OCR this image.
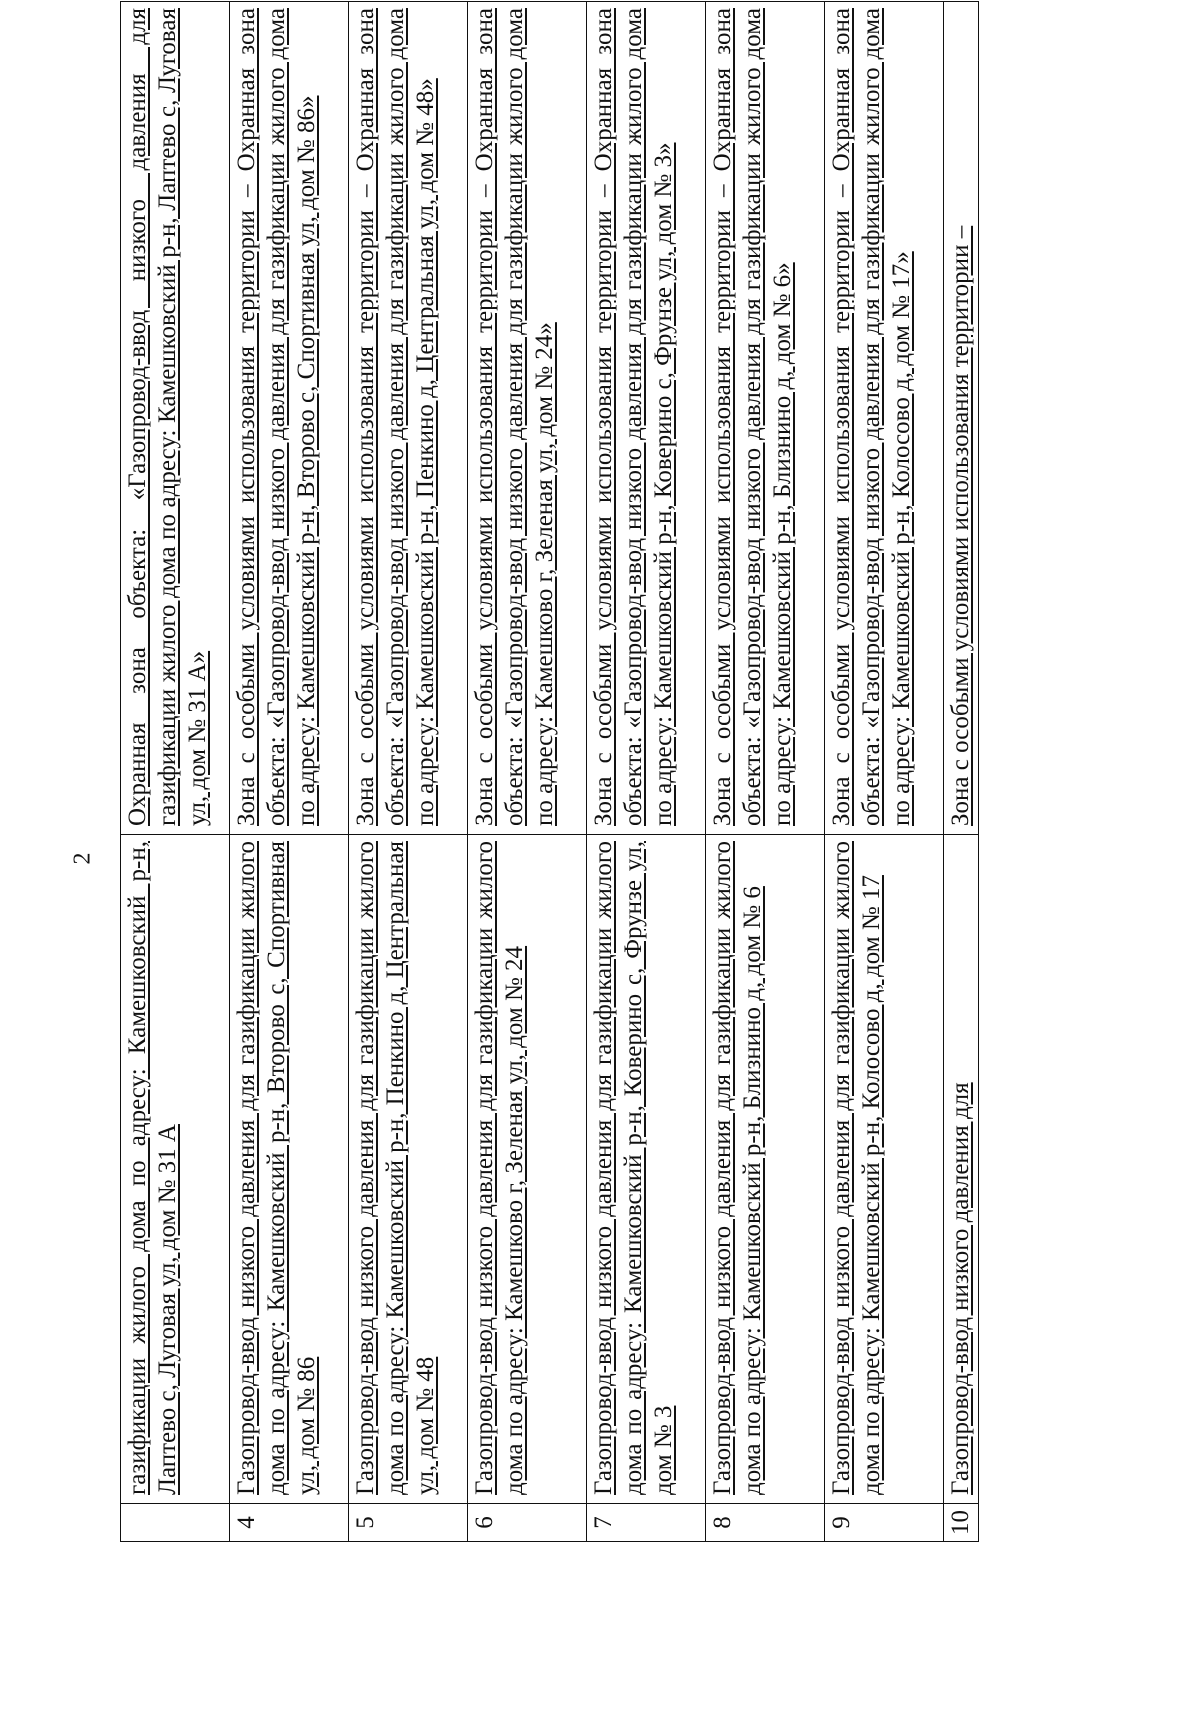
2
	газификации жилого дома по адресу: Камешковский р-н, Лаптево с, Луговая ул, дом № 31 А	Охранная зона объекта: «Газопровод-ввод низкого давления для газификации жилого дома по адресу: Камешковский р-н, Лаптево с, Луговая ул, дом № 31 А»
4	Газопровод-ввод низкого давления для газификации жилого дома по адресу: Камешковский р-н, Второво с, Спортивная ул, дом № 86	Зона с особыми условиями использования территории – Охранная зона объекта: «Газопровод-ввод низкого давления для газификации жилого дома по адресу: Камешковский р-н, Второво с, Спортивная ул, дом № 86»
5	Газопровод-ввод низкого давления для газификации жилого дома по адресу: Камешковский р-н, Пенкино д, Центральная ул, дом № 48	Зона с особыми условиями использования территории – Охранная зона объекта: «Газопровод-ввод низкого давления для газификации жилого дома по адресу: Камешковский р-н, Пенкино д, Центральная ул, дом № 48»
6	Газопровод-ввод низкого давления для газификации жилого дома по адресу: Камешково г, Зеленая ул, дом № 24	Зона с особыми условиями использования территории – Охранная зона объекта: «Газопровод-ввод низкого давления для газификации жилого дома по адресу: Камешково г, Зеленая ул, дом № 24»
7	Газопровод-ввод низкого давления для газификации жилого дома по адресу: Камешковский р-н, Коверино с, Фрунзе ул, дом № 3	Зона с особыми условиями использования территории – Охранная зона объекта: «Газопровод-ввод низкого давления для газификации жилого дома по адресу: Камешковский р-н, Коверино с, Фрунзе ул, дом № 3»
8	Газопровод-ввод низкого давления для газификации жилого дома по адресу: Камешковский р-н, Близнино д, дом № 6	Зона с особыми условиями использования территории – Охранная зона объекта: «Газопровод-ввод низкого давления для газификации жилого дома по адресу: Камешковский р-н, Близнино д, дом № 6»
9	Газопровод-ввод низкого давления для газификации жилого дома по адресу: Камешковский р-н, Колосово д, дом № 17	Зона с особыми условиями использования территории – Охранная зона объекта: «Газопровод-ввод низкого давления для газификации жилого дома по адресу: Камешковский р-н, Колосово д, дом № 17»
10	Газопровод-ввод низкого давления для	Зона с особыми условиями использования территории –
